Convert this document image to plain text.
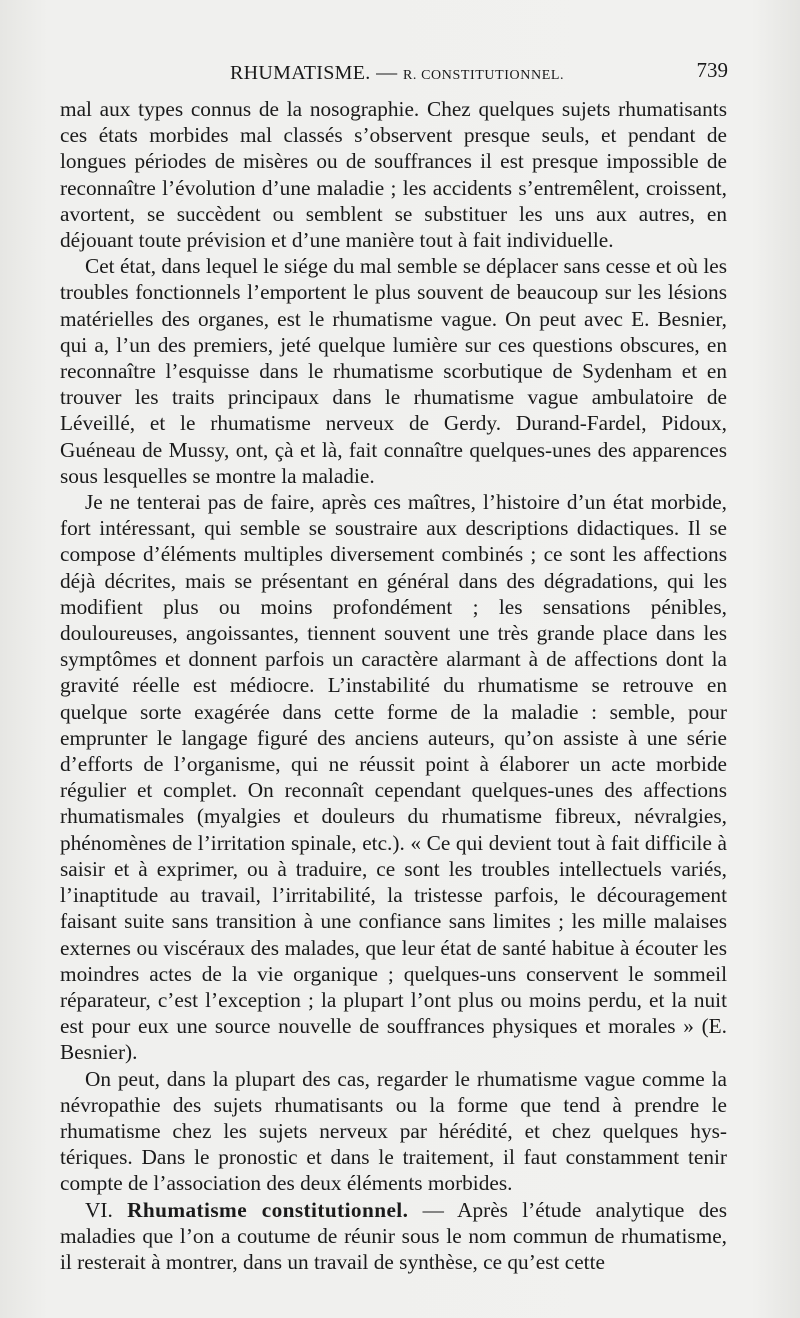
RHUMATISME. — R. CONSTITUTIONNEL.	739

mal aux types connus de la nosographie. Chez quelques sujets rhumatisants ces états morbides mal classés s’observent presque seuls, et pendant de longues périodes de misères ou de souffrances il est presque impossible de reconnaître l’évolution d’une maladie ; les accidents s’entremêlent, croissent, avortent, se succèdent ou semblent se substituer les uns aux autres, en déjouant toute prévision et d’une manière tout à fait individuelle.

Cet état, dans lequel le siége du mal semble se déplacer sans cesse et où les troubles fonctionnels l’emportent le plus souvent de beaucoup sur les lésions matérielles des organes, est le rhumatisme vague. On peut avec E. Besnier, qui a, l’un des premiers, jeté quelque lumière sur ces questions obscures, en reconnaître l’esquisse dans le rhumatisme scorbutique de Sydenham et en trouver les traits principaux dans le rhumatisme vague ambulatoire de Léveillé, et le rhumatisme nerveux de Gerdy. Durand-Fardel, Pidoux, Guéneau de Mussy, ont, çà et là, fait connaître quelques-unes des apparences sous lesquelles se montre la maladie.

Je ne tenterai pas de faire, après ces maîtres, l’histoire d’un état morbide, fort intéressant, qui semble se soustraire aux descriptions didactiques. Il se compose d’éléments multiples diversement combinés ; ce sont les affections déjà décrites, mais se présentant en général dans des dégradations, qui les modifient plus ou moins profondément ; les sensations pénibles, douloureuses, angoissantes, tiennent souvent une très grande place dans les symptômes et donnent parfois un caractère alarmant à de affections dont la gravité réelle est médiocre. L’instabilité du rhumatisme se retrouve en quelque sorte exagérée dans cette forme de la maladie : semble, pour emprunter le langage figuré des anciens auteurs, qu’on assiste à une série d’efforts de l’organisme, qui ne réussit point à élaborer un acte morbide régulier et complet. On reconnaît cependant quelques-unes des affections rhumatismales (myalgies et douleurs du rhumatisme fibreux, névralgies, phénomènes de l’irritation spinale, etc.). « Ce qui devient tout à fait difficile à saisir et à exprimer, ou à traduire, ce sont les troubles intellectuels variés, l’inaptitude au travail, l’irritabilité, la tristesse parfois, le découragement faisant suite sans transition à une confiance sans limites ; les mille malaises externes ou viscéraux des malades, que leur état de santé habitue à écouter les moindres actes de la vie organique ; quelques-uns conservent le sommeil réparateur, c’est l’exception ; la plupart l’ont plus ou moins perdu, et la nuit est pour eux une source nouvelle de souffrances physiques et morales » (E. Besnier).

On peut, dans la plupart des cas, regarder le rhumatisme vague comme la névropathie des sujets rhumatisants ou la forme que tend à prendre le rhumatisme chez les sujets nerveux par hérédité, et chez quelques hystériques. Dans le pronostic et dans le traitement, il faut constamment tenir compte de l’association des deux éléments morbides.

VI. Rhumatisme constitutionnel. — Après l’étude analytique des maladies que l’on a coutume de réunir sous le nom commun de rhumatisme, il resterait à montrer, dans un travail de synthèse, ce qu’est cette
